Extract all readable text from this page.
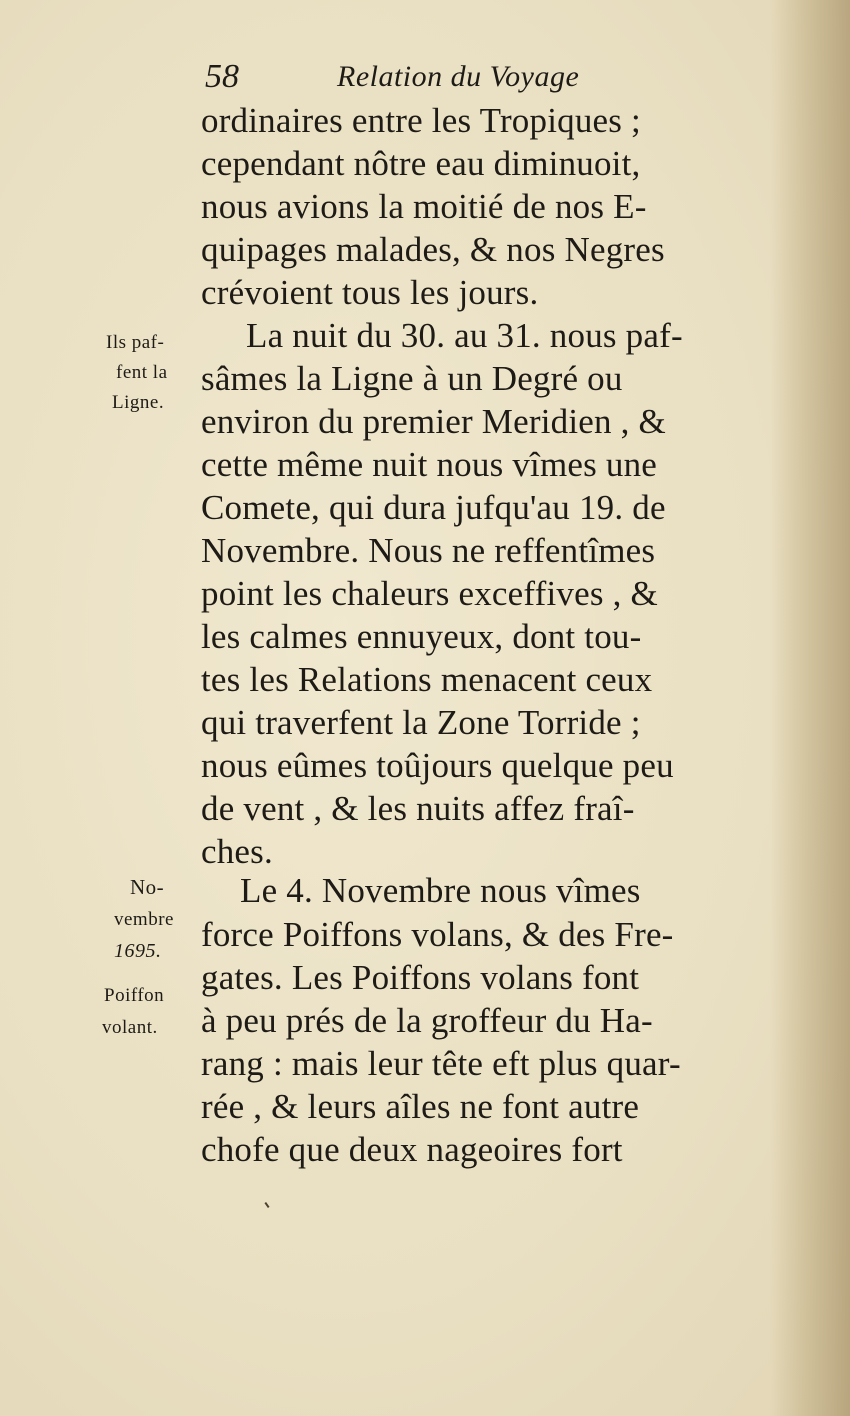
58	Relation du Voyage
ordinaires entre les Tropiques ;
cependant nôtre eau diminuoit,
nous avions la moitié de nos E-
quipages malades, & nos Negres
crévoient tous les jours.
La nuit du 30. au 31. nous paf-
sâmes la Ligne à un Degré ou
environ du premier Meridien , &
cette même nuit nous vîmes une
Comete, qui dura jufqu'au 19. de
Novembre. Nous ne reffentîmes
point les chaleurs exceffives , &
les calmes ennuyeux, dont tou-
tes les Relations menacent ceux
qui traverfent la Zone Torride ;
nous eûmes toûjours quelque peu
de vent , & les nuits affez fraî-
ches.
Le 4. Novembre nous vîmes
force Poiffons volans, & des Fre-
gates. Les Poiffons volans font
à peu prés de la groffeur du Ha-
rang : mais leur tête eft plus quar-
rée , & leurs aîles ne font autre
chofe que deux nageoires fort
Ils paf-
fent la
Ligne.
No-
vembre
1695.
Poiffon
volant.
